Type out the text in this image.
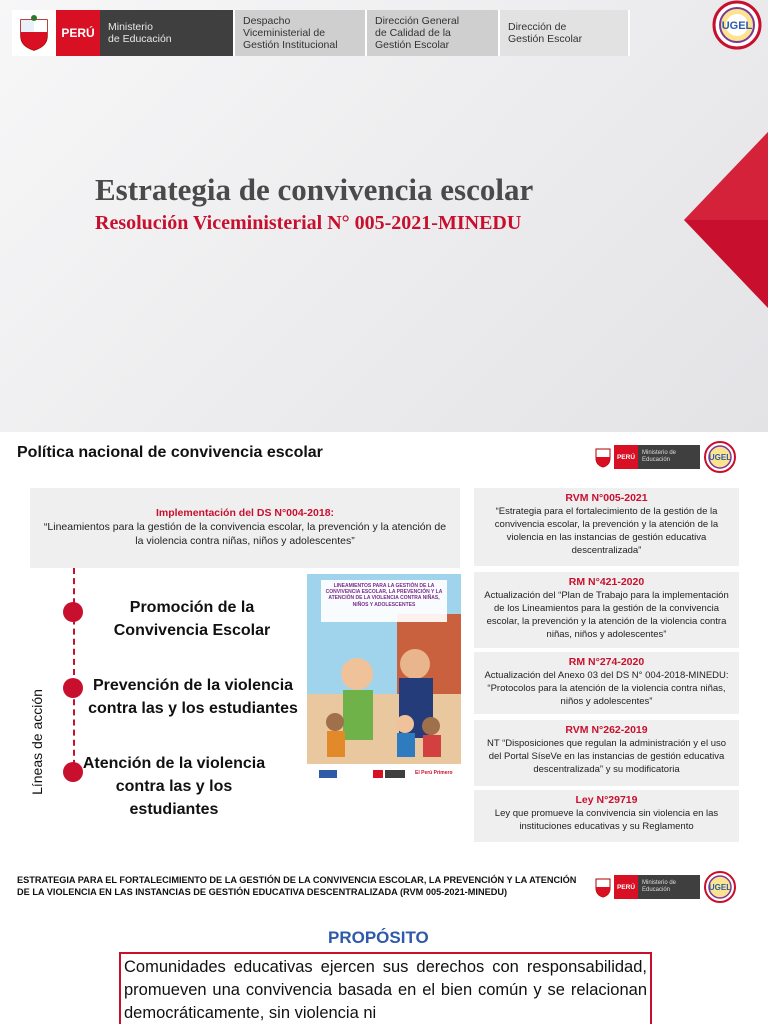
PERÚ	Ministerio
de Educación
Despacho
Viceministerial de
Gestión Institucional
Dirección General
de Calidad de la
Gestión Escolar
Dirección de
Gestión Escolar
UGEL
Estrategia de convivencia escolar
Resolución Viceministerial N° 005-2021-MINEDU
Política nacional de convivencia escolar	PERÚ
Ministerio de Educación	UGEL
Implementación del DS N°004-2018:
“Lineamientos para la gestión de la convivencia escolar, la prevención y la atención de la violencia contra niñas, niños y adolescentes”
Líneas de acción
Promoción de la Convivencia Escolar
Prevención de la violencia contra las y los estudiantes
Atención de la violencia contra las y los estudiantes
LINEAMIENTOS PARA LA GESTIÓN DE LA CONVIVENCIA ESCOLAR, LA PREVENCIÓN Y LA ATENCIÓN DE LA VIOLENCIA CONTRA NIÑAS, NIÑOS Y ADOLESCENTES
El Perú Primero
RVM N°005-2021
“Estrategia para el fortalecimiento de la gestión de la convivencia escolar, la prevención y la atención de la violencia en las instancias de gestión educativa descentralizada”
RM N°421-2020
Actualización del “Plan de Trabajo para la implementación de los Lineamientos para la gestión de la convivencia escolar, la prevención y la atención de la violencia contra niñas, niños y adolescentes”
RM N°274-2020
Actualización del Anexo 03 del DS N° 004-2018-MINEDU: “Protocolos para la atención de la violencia contra niñas, niños y adolescentes”
RVM N°262-2019
NT “Disposiciones que regulan la administración y el uso del Portal SíseVe en las instancias de gestión educativa descentralizada” y su modificatoria
Ley N°29719
Ley que promueve la convivencia sin violencia en las instituciones educativas y su Reglamento
ESTRATEGIA PARA EL FORTALECIMIENTO DE LA GESTIÓN DE LA CONVIVENCIA ESCOLAR, LA PREVENCIÓN Y LA ATENCIÓN DE LA VIOLENCIA EN LAS INSTANCIAS DE GESTIÓN EDUCATIVA DESCENTRALIZADA (RVM 005-2021-MINEDU)	PERÚ
Ministerio de Educación	UGEL
PROPÓSITO
Comunidades educativas ejercen sus derechos con responsabilidad, promueven una convivencia basada en el bien común y se relacionan democráticamente, sin violencia ni
